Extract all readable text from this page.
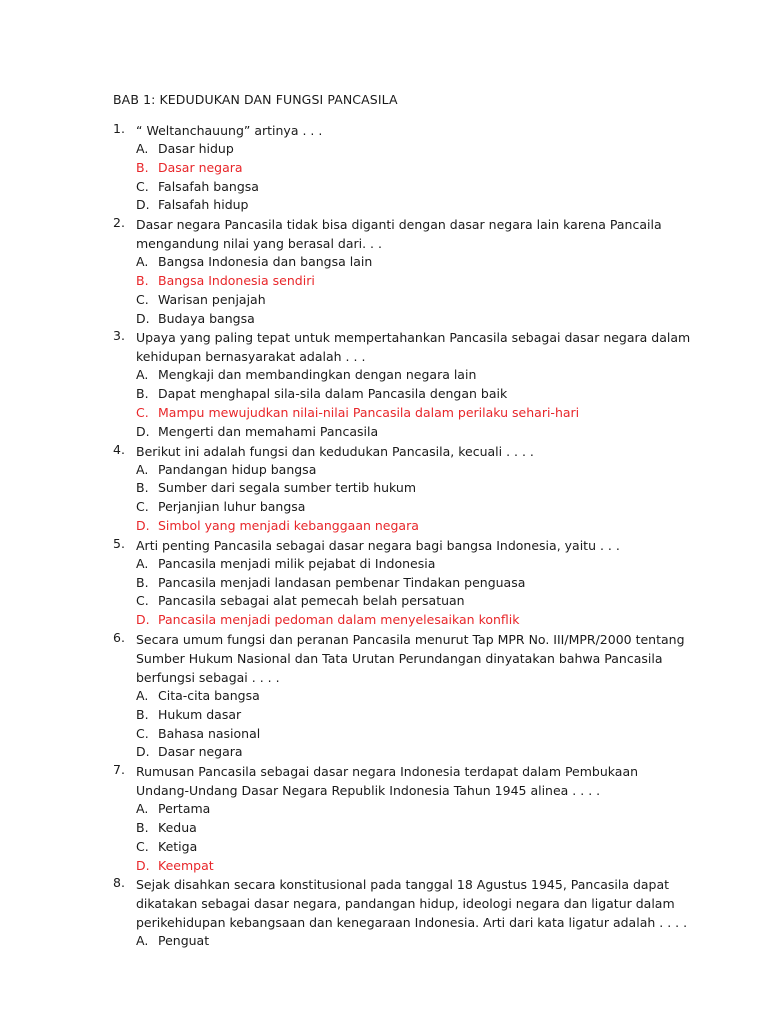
BAB 1: KEDUDUKAN DAN FUNGSI PANCASILA
1. “ Weltanchauung” artinya . . .
A. Dasar hidup
B. Dasar negara
C. Falsafah bangsa
D. Falsafah hidup
2. Dasar negara Pancasila tidak bisa diganti dengan dasar negara lain karena Pancaila mengandung nilai yang berasal dari. . .
A. Bangsa Indonesia dan bangsa lain
B. Bangsa Indonesia sendiri
C. Warisan penjajah
D. Budaya bangsa
3. Upaya yang paling tepat untuk mempertahankan Pancasila sebagai dasar negara dalam kehidupan bernasyarakat adalah . . .
A. Mengkaji dan membandingkan dengan negara lain
B. Dapat menghapal sila-sila dalam Pancasila dengan baik
C. Mampu mewujudkan nilai-nilai Pancasila dalam perilaku sehari-hari
D. Mengerti dan memahami Pancasila
4. Berikut ini adalah fungsi dan kedudukan Pancasila, kecuali . . . .
A. Pandangan hidup bangsa
B. Sumber dari segala sumber tertib hukum
C. Perjanjian luhur bangsa
D. Simbol yang menjadi kebanggaan negara
5. Arti penting Pancasila sebagai dasar negara bagi bangsa Indonesia, yaitu . . .
A. Pancasila menjadi milik pejabat di Indonesia
B. Pancasila menjadi landasan pembenar Tindakan penguasa
C. Pancasila sebagai alat pemecah belah persatuan
D. Pancasila menjadi pedoman dalam menyelesaikan konflik
6. Secara umum fungsi dan peranan Pancasila menurut Tap MPR No. III/MPR/2000 tentang Sumber Hukum Nasional dan Tata Urutan Perundangan dinyatakan bahwa Pancasila berfungsi sebagai . . . .
A. Cita-cita bangsa
B. Hukum dasar
C. Bahasa nasional
D. Dasar negara
7. Rumusan Pancasila sebagai dasar negara Indonesia terdapat dalam Pembukaan Undang-Undang Dasar Negara Republik Indonesia Tahun 1945 alinea . . . .
A. Pertama
B. Kedua
C. Ketiga
D. Keempat
8. Sejak disahkan secara konstitusional pada tanggal 18 Agustus 1945, Pancasila dapat dikatakan sebagai dasar negara, pandangan hidup, ideologi negara dan ligatur dalam perikehidupan kebangsaan dan kenegaraan Indonesia. Arti dari kata ligatur adalah . . . .
A. Penguat
